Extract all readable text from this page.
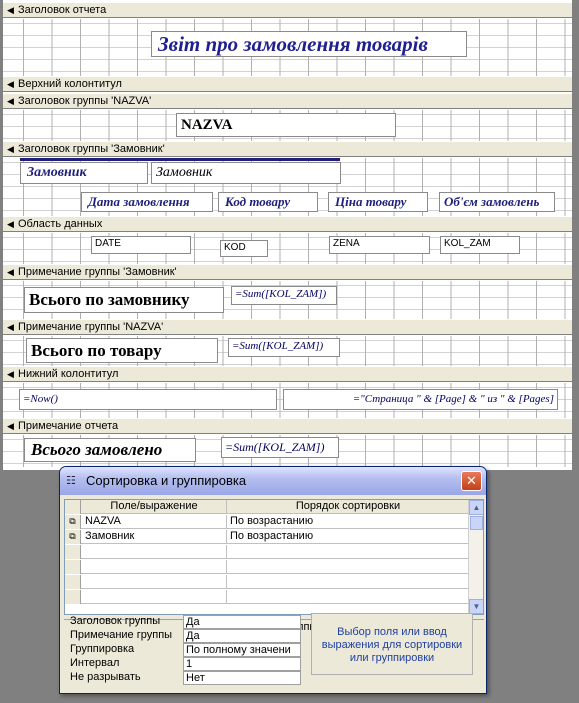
◀ Заголовок отчета
Звіт про замовлення товарів
◀ Верхний колонтитул
◀ Заголовок группы 'NAZVA'
NAZVA
◀ Заголовок группы 'Замовник'
Замовник	Замовник
Дата замовлення	Код товару	Ціна товару	Об'єм замовлень
◀ Область данных
DATE	KOD	ZENA	KOL_ZAM
◀ Примечание группы 'Замовник'
Всього по замовнику	=Sum([KOL_ZAM])
◀ Примечание группы 'NAZVA'
Всього по товару	=Sum([KOL_ZAM])
◀ Нижний колонтитул
=Now()	="Страница " & [Page] & " из " & [Pages]
◀ Примечание отчета
Всього замовлено	=Sum([KOL_ZAM])
☷ Сортировка и группировка	✕
Поле/выражение	Порядок сортировки
⧉ NAZVA	По возрастанию
⧉ Замовник	По возрастанию
▲
▼
Заголовок группы	Да
Примечание группы	Да
Группировка	По полному значени
Интервал	1
Не разрывать	Нет
Выбор поля или ввод выражения для сортировки или группировки
